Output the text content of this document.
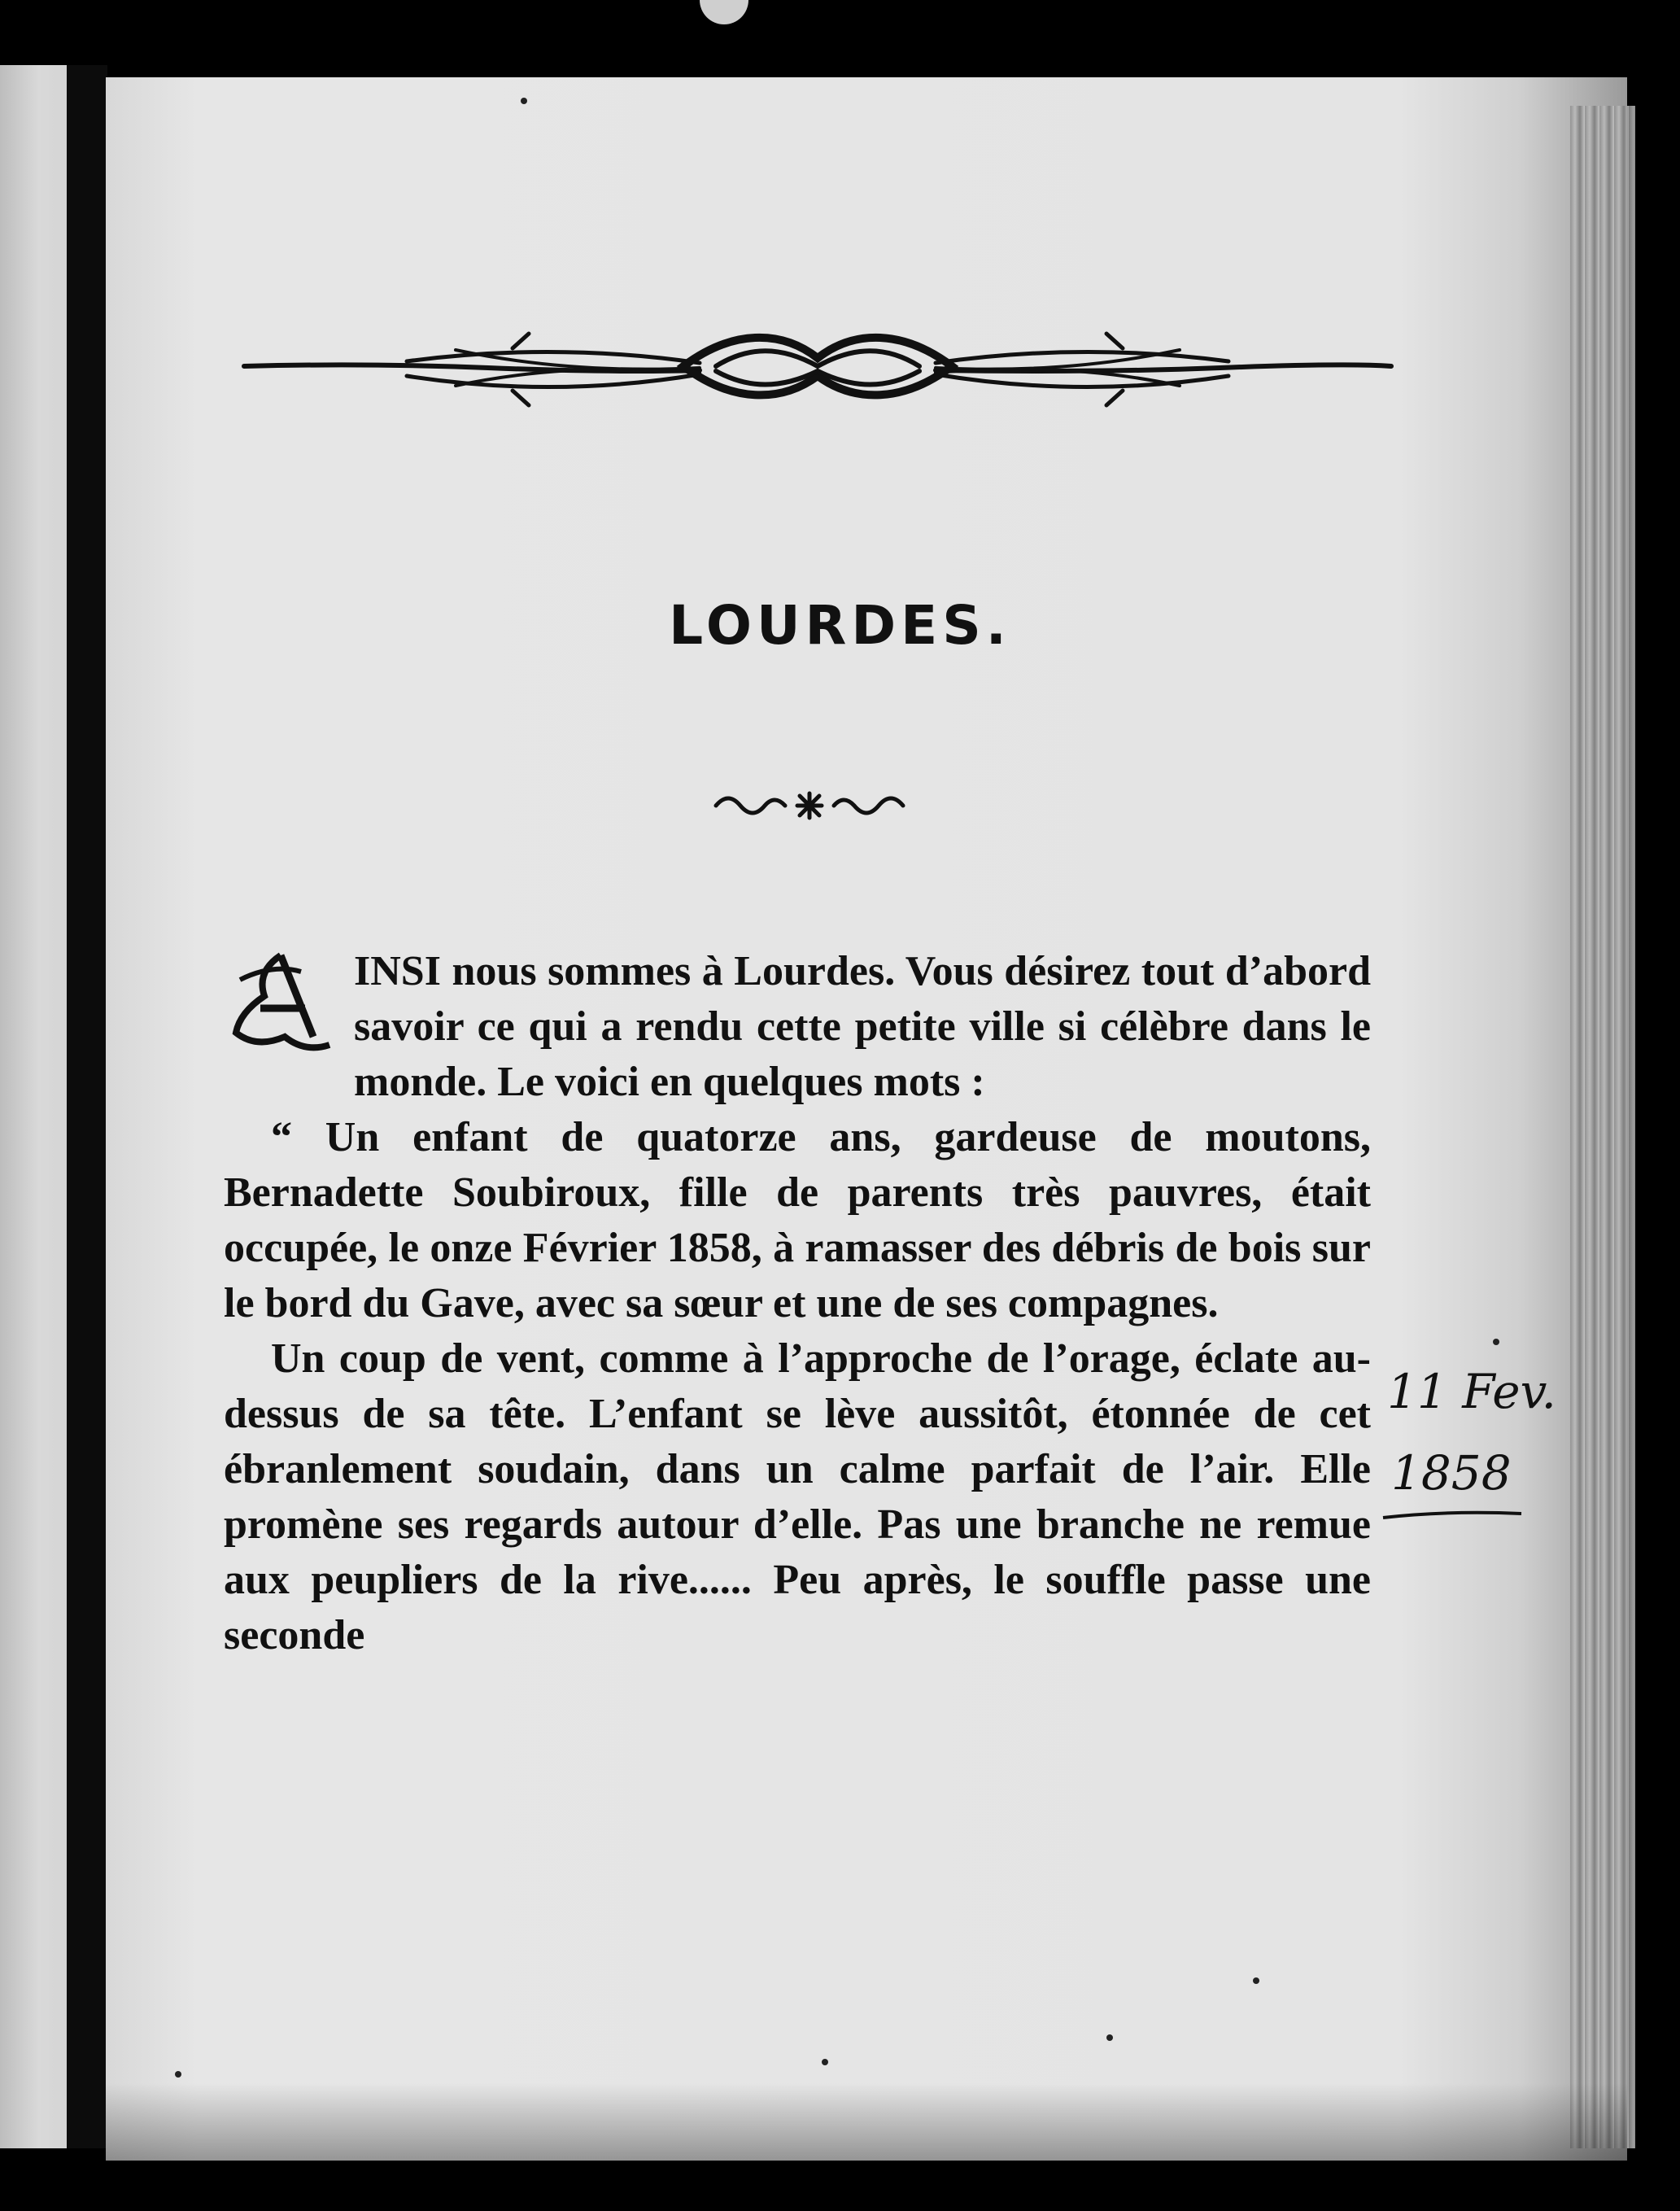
LOURDES.

INSI nous sommes à Lourdes. Vous désirez tout d’abord savoir ce qui a rendu cette petite ville si célèbre dans le monde. Le voici en quelques mots :

“ Un enfant de quatorze ans, gardeuse de moutons, Bernadette Soubiroux, fille de parents très pauvres, était occupée, le onze Février 1858, à ramasser des débris de bois sur le bord du Gave, avec sa sœur et une de ses compagnes.

Un coup de vent, comme à l’approche de l’orage, éclate au-dessus de sa tête. L’enfant se lève aussitôt, étonnée de cet ébranlement soudain, dans un calme parfait de l’air. Elle promène ses regards autour d’elle. Pas une branche ne remue aux peupliers de la rive...... Peu après, le souffle passe une seconde

11 Fev.
1858
